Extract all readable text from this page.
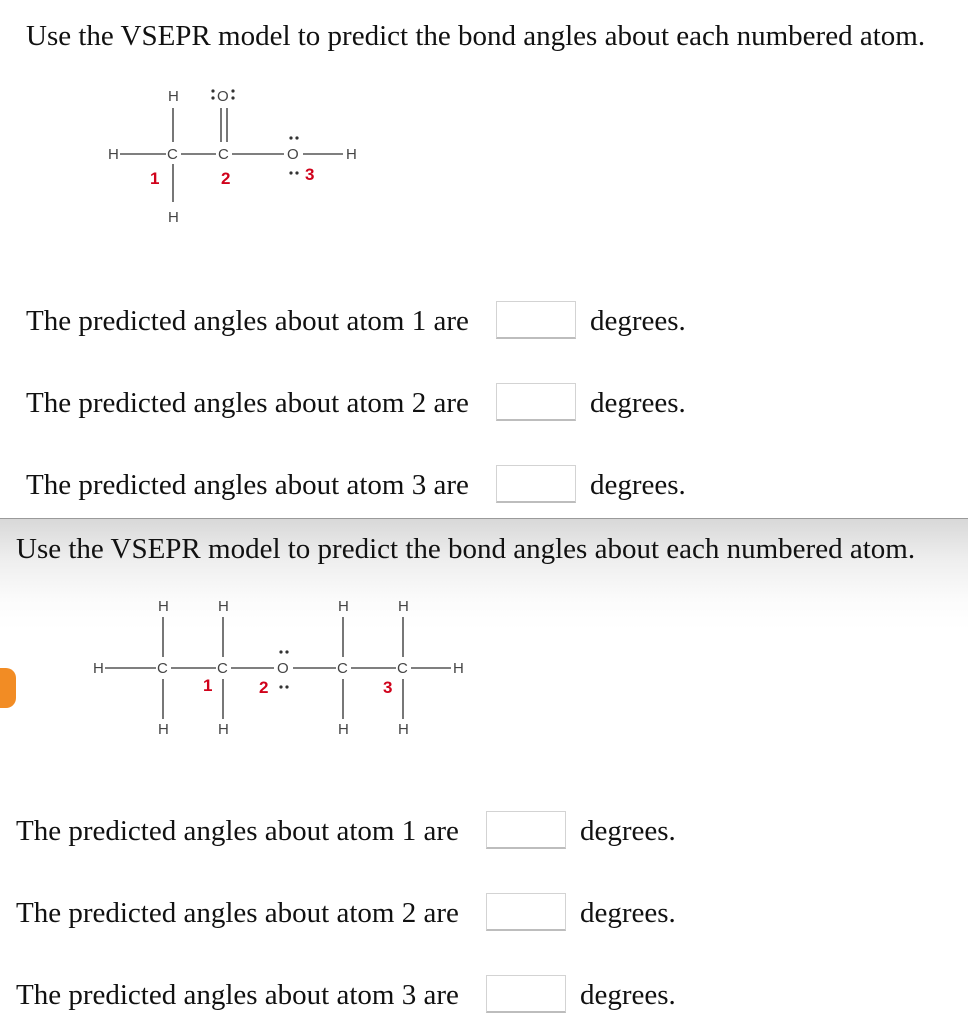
Use the VSEPR model to predict the bond angles about each numbered atom.
H	O
H	C	C	O	H
H
1	2	3
The predicted angles about atom 1 are	degrees.
The predicted angles about atom 2 are	degrees.
The predicted angles about atom 3 are	degrees.
Use the VSEPR model to predict the bond angles about each numbered atom.
H	H	H	H
H	C	C	O	C	C	H
H	H	H	H
1	2	3
The predicted angles about atom 1 are	degrees.
The predicted angles about atom 2 are	degrees.
The predicted angles about atom 3 are	degrees.
